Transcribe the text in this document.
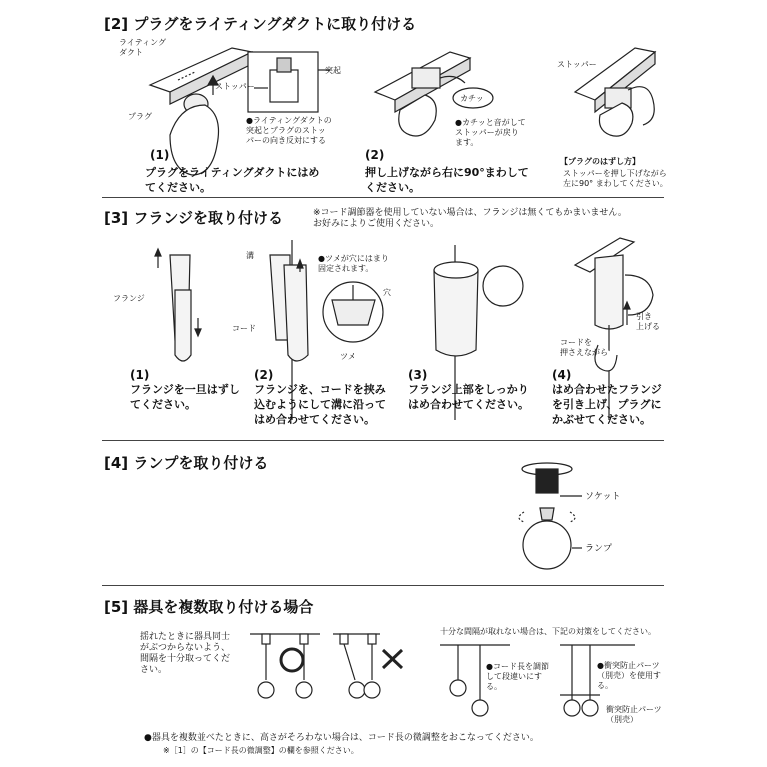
[2] プラグをライティングダクトに取り付ける
ライティング
ダクト
ストッパー
突起
プラグ	●ライティングダクトの
突起とプラグのストッ
パーの向き反対にする
カチッ
●カチッと音がして
ストッパーが戻り
ます。
ストッパー
(1)
プラグをライティングダクトにはめ
てください。
(2)
押し上げながら右に90°まわして
ください。
【プラグのはずし方】
ストッパーを押し下げながら
左に90° まわしてください。
[3] フランジを取り付ける	※コード調節器を使用していない場合は、フランジは無くてもかまいません。
お好みによりご使用ください。
フランジ
溝
コード
●ツメが穴にはまり
固定されます。
穴
ツメ
コードを
押さえながら
引き
上げる
(1)
フランジを一旦はずし
てください。
(2)
フランジを、コードを挟み
込むようにして溝に沿って
はめ合わせてください。
(3)
フランジ上部をしっかり
はめ合わせてください。
(4)
はめ合わせたフランジ
を引き上げ、プラグに
かぶせてください。
[4] ランプを取り付ける
ソケット
ランプ
[5] 器具を複数取り付ける場合
揺れたときに器具同士
がぶつからないよう、
間隔を十分取ってくだ
さい。
十分な間隔が取れない場合は、下記の対策をしてください。
●コード長を調節
して段違いにす
る。
●衝突防止パーツ
（別売）を使用す
る。
衝突防止パーツ
（別売）
●器具を複数並べたときに、高さがそろわない場合は、コード長の微調整をおこなってください。
※［1］の【コード長の微調整】の欄を参照ください。
